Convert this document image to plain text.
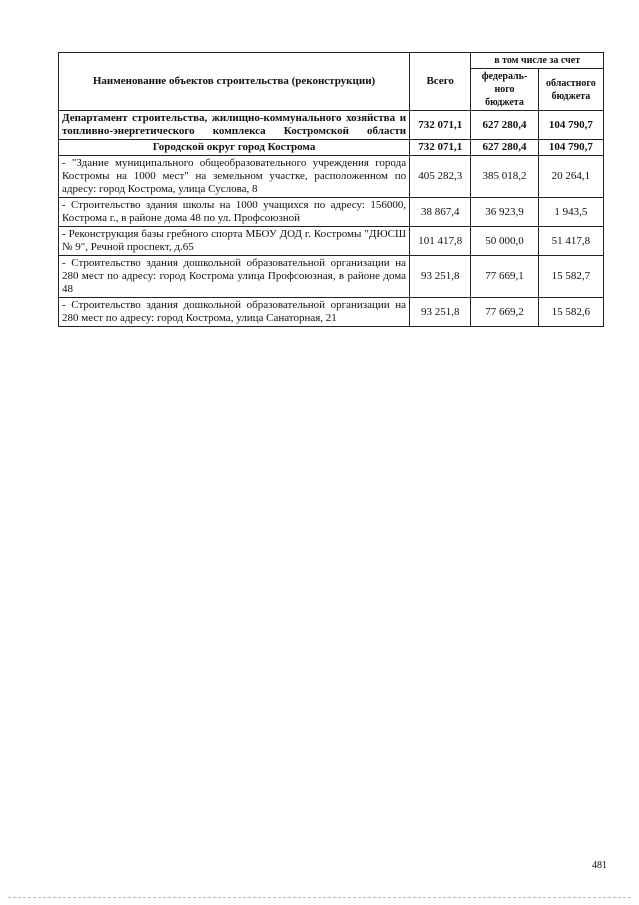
Наименование объектов строительства (реконструкции)	Всего	в том числе за счет	
		федераль-ного бюджета	областного бюджета
Департамент строительства, жилищно-коммунального хозяйства и топливно-энергетического комплекса Костромской области	732 071,1	627 280,4	104 790,7
Городской округ город Кострома	732 071,1	627 280,4	104 790,7
- "Здание муниципального общеобразовательного учреждения города Костромы на 1000 мест" на земельном участке, расположенном по адресу: город Кострома, улица Суслова, 8	405 282,3	385 018,2	20 264,1
- Строительство здания школы на 1000 учащихся по адресу: 156000, Кострома г., в районе дома 48 по ул. Профсоюзной	38 867,4	36 923,9	1 943,5
- Реконструкция базы гребного спорта МБОУ ДОД г. Костромы "ДЮСШ № 9", Речной проспект, д.65	101 417,8	50 000,0	51 417,8
- Строительство здания дошкольной образовательной организации на 280 мест по адресу: город Кострома улица Профсоюзная, в районе дома 48	93 251,8	77 669,1	15 582,7
- Строительство здания дошкольной образовательной организации на 280 мест по адресу: город Кострома, улица Санаторная, 21	93 251,8	77 669,2	15 582,6
481
